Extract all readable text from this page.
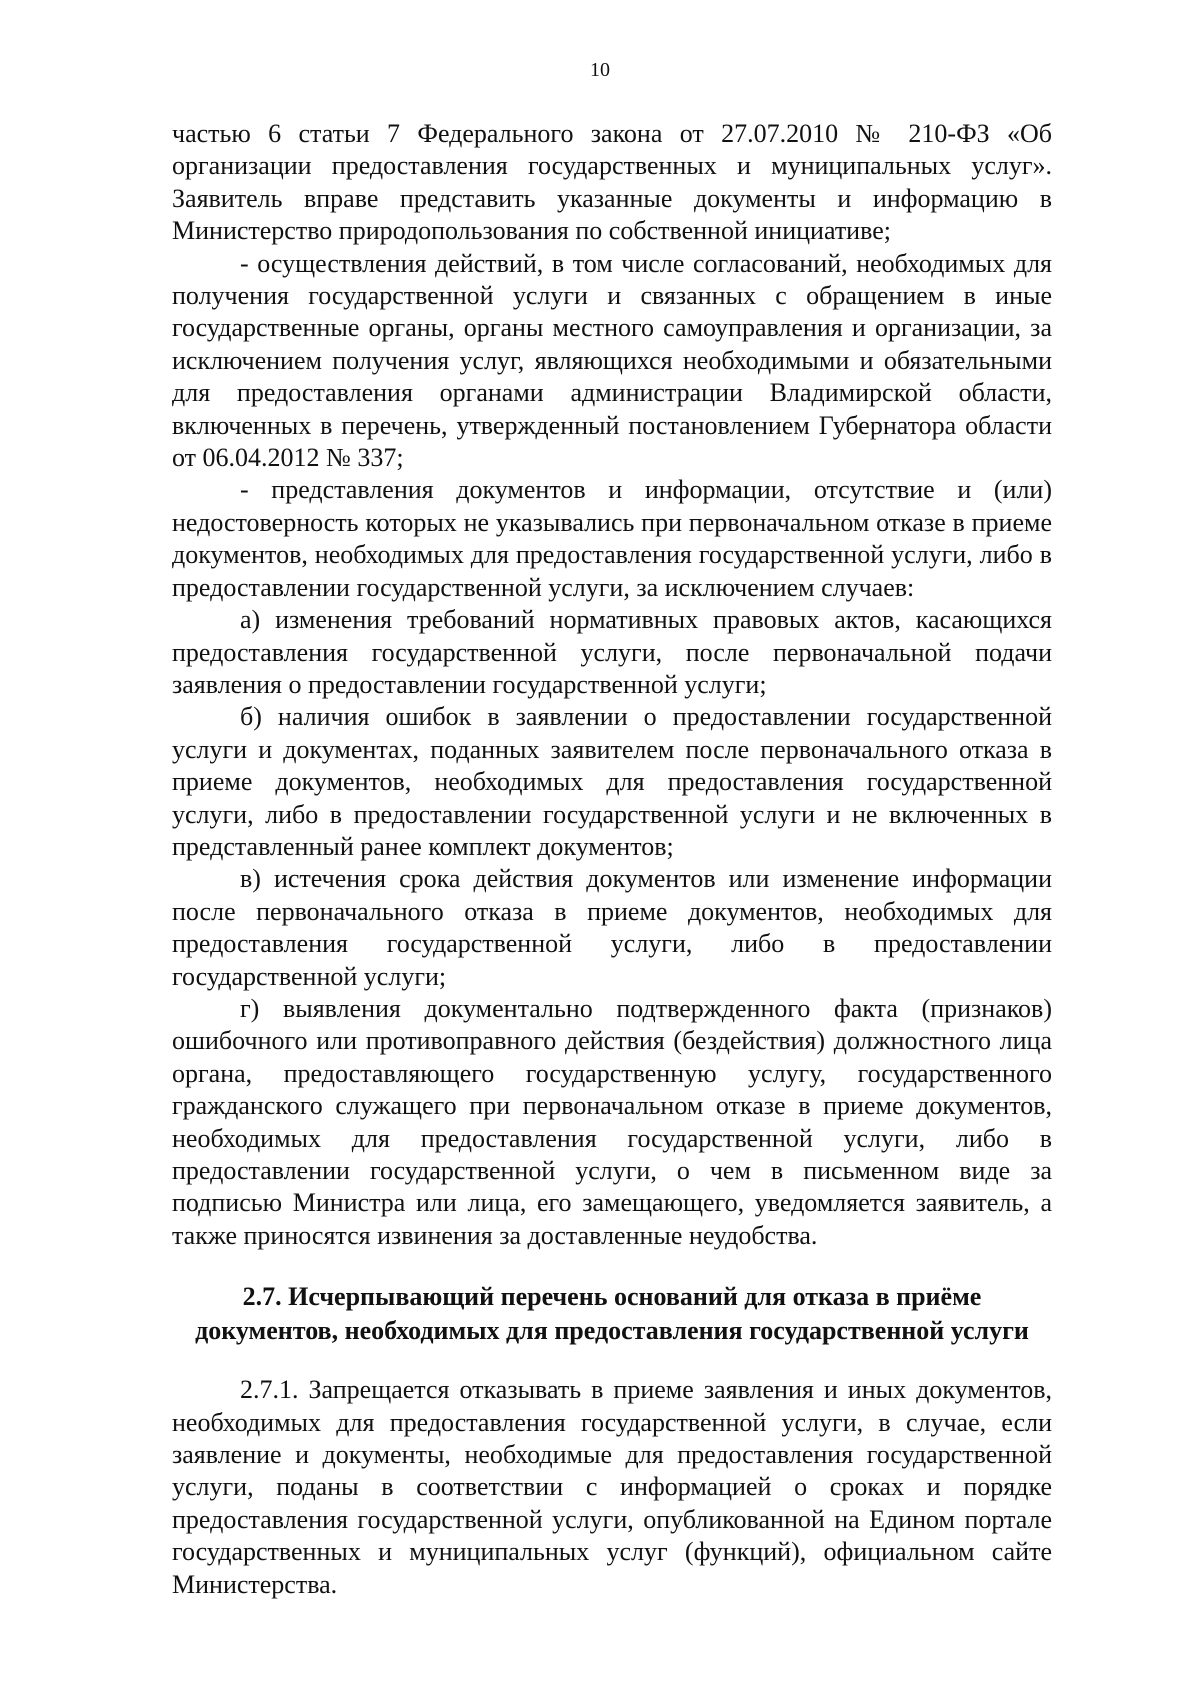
10

частью 6 статьи 7 Федерального закона от 27.07.2010 № 210-ФЗ «Об организации предоставления государственных и муниципальных услуг». Заявитель вправе представить указанные документы и информацию в Министерство природопользования по собственной инициативе;

- осуществления действий, в том числе согласований, необходимых для получения государственной услуги и связанных с обращением в иные государственные органы, органы местного самоуправления и организации, за исключением получения услуг, являющихся необходимыми и обязательными для предоставления органами администрации Владимирской области, включенных в перечень, утвержденный постановлением Губернатора области от 06.04.2012 № 337;

- представления документов и информации, отсутствие и (или) недостоверность которых не указывались при первоначальном отказе в приеме документов, необходимых для предоставления государственной услуги, либо в предоставлении государственной услуги, за исключением случаев:

а) изменения требований нормативных правовых актов, касающихся предоставления государственной услуги, после первоначальной подачи заявления о предоставлении государственной услуги;

б) наличия ошибок в заявлении о предоставлении государственной услуги и документах, поданных заявителем после первоначального отказа в приеме документов, необходимых для предоставления государственной услуги, либо в предоставлении государственной услуги и не включенных в представленный ранее комплект документов;

в) истечения срока действия документов или изменение информации после первоначального отказа в приеме документов, необходимых для предоставления государственной услуги, либо в предоставлении государственной услуги;

г) выявления документально подтвержденного факта (признаков) ошибочного или противоправного действия (бездействия) должностного лица органа, предоставляющего государственную услугу, государственного гражданского служащего при первоначальном отказе в приеме документов, необходимых для предоставления государственной услуги, либо в предоставлении государственной услуги, о чем в письменном виде за подписью Министра или лица, его замещающего, уведомляется заявитель, а также приносятся извинения за доставленные неудобства.

2.7. Исчерпывающий перечень оснований для отказа в приёме
документов, необходимых для предоставления государственной услуги

2.7.1. Запрещается отказывать в приеме заявления и иных документов, необходимых для предоставления государственной услуги, в случае, если заявление и документы, необходимые для предоставления государственной услуги, поданы в соответствии с информацией о сроках и порядке предоставления государственной услуги, опубликованной на Едином портале государственных и муниципальных услуг (функций), официальном сайте Министерства.
